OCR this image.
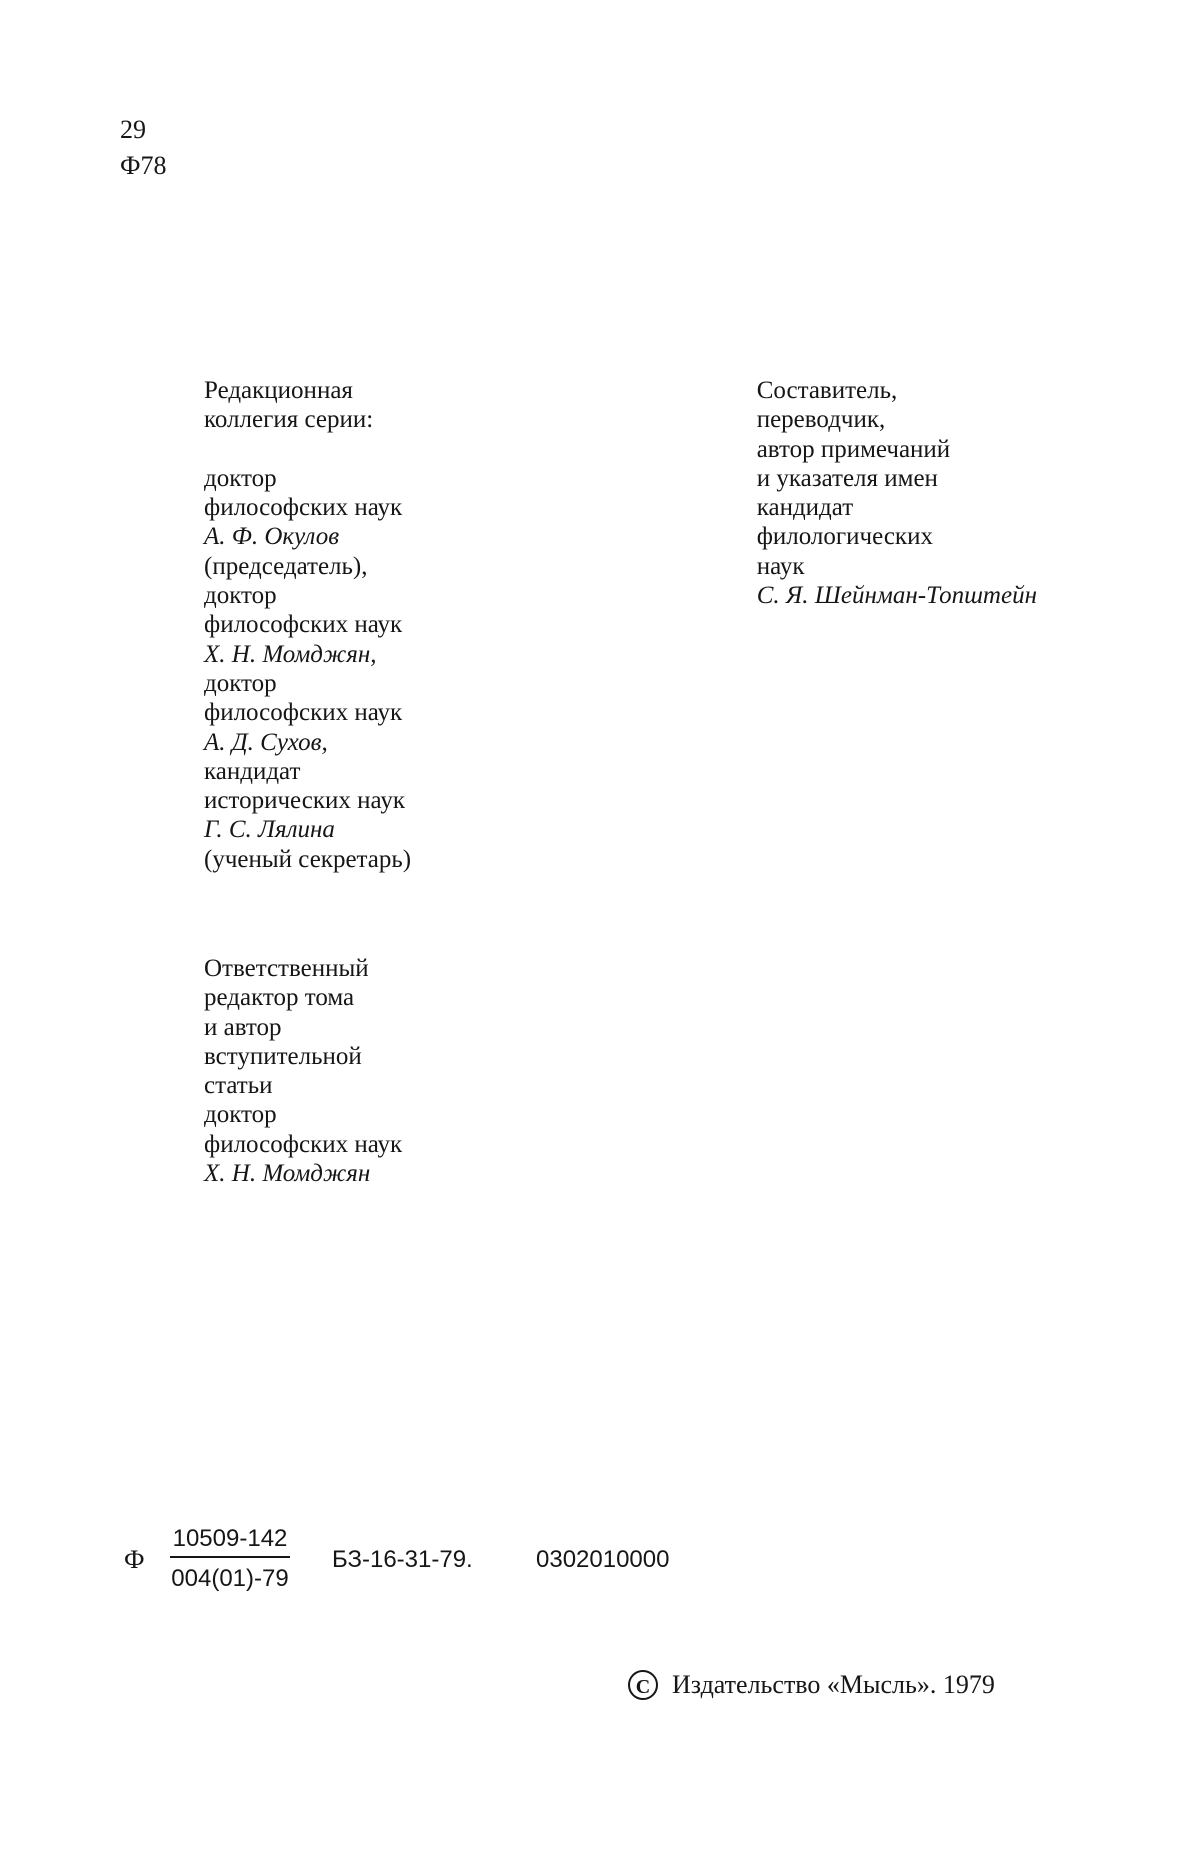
29
Ф78
Редакционная
коллегия серии:
доктор
философских наук
А. Ф. Окулов
(председатель),
доктор
философских наук
Х. Н. Момджян,
доктор
философских наук
А. Д. Сухов,
кандидат
исторических наук
Г. С. Лялина
(ученый секретарь)
Составитель,
переводчик,
автор примечаний
и указателя имен
кандидат
филологических
наук
С. Я. Шейнман-Топштейн
Ответственный
редактор тома
и автор
вступительной
статьи
доктор
философских наук
Х. Н. Момджян
Ф
10509-142
004(01)-79
БЗ-16-31-79.	0302010000
C Издательство «Мысль». 1979
